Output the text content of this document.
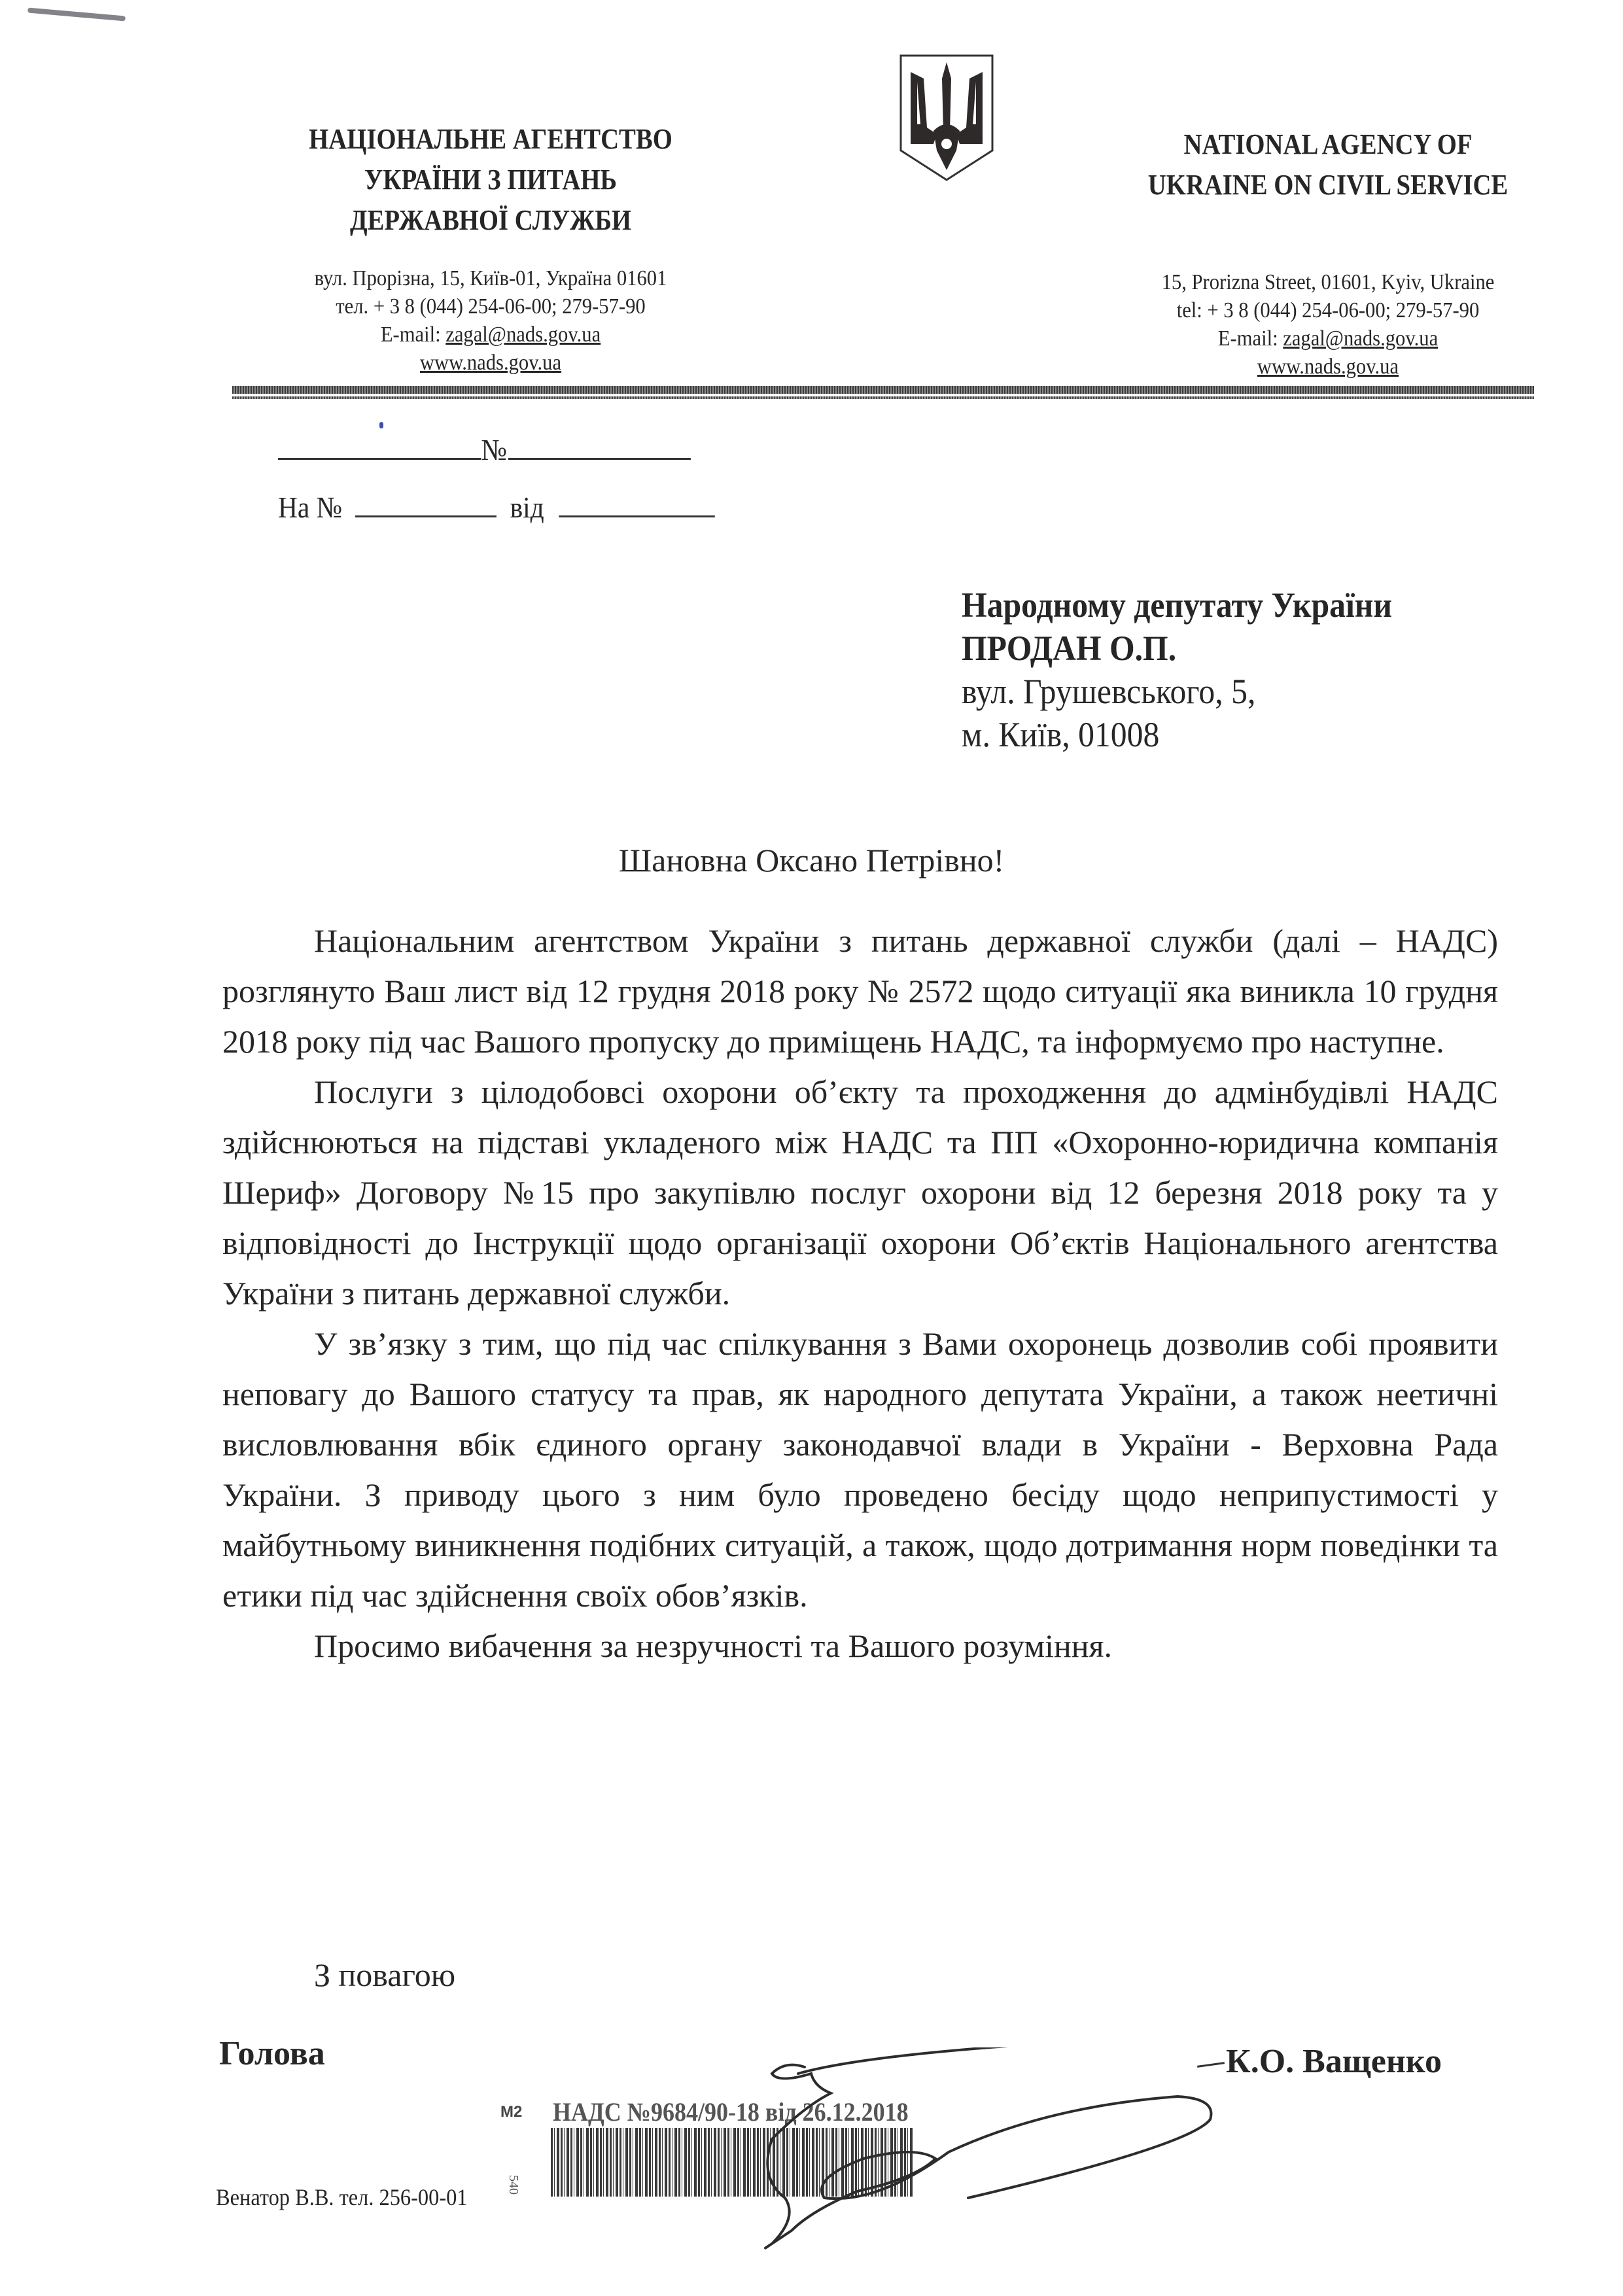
НАЦІОНАЛЬНЕ АГЕНТСТВО
УКРАЇНИ З ПИТАНЬ
ДЕРЖАВНОЇ СЛУЖБИ
вул. Прорізна, 15, Київ-01, Україна 01601
тел. + 3 8 (044) 254-06-00; 279-57-90
E-mail: zagal@nads.gov.ua
www.nads.gov.ua
NATIONAL AGENCY OF
UKRAINE ON CIVIL SERVICE
15, Prorizna Street, 01601, Kyiv, Ukraine
tel: + 3 8 (044) 254-06-00; 279-57-90
E-mail: zagal@nads.gov.ua
www.nads.gov.ua
№
На №	від
Народному депутату України
ПРОДАН О.П.
вул. Грушевського, 5,
м. Київ, 01008
Шановна Оксано Петрівно!

Національним агентством України з питань державної служби (далі – НАДС) розглянуто Ваш лист від 12 грудня 2018 року № 2572 щодо ситуації яка виникла 10 грудня 2018 року під час Вашого пропуску до приміщень НАДС, та інформуємо про наступне.

Послуги з цілодобовсі охорони об’єкту та проходження до адмінбудівлі НАДС здійснюються на підставі укладеного між НАДС та ПП «Охоронно-юридична компанія Шериф» Договору №15 про закупівлю послуг охорони від 12 березня 2018 року та у відповідності до Інструкції щодо організації охорони Об’єктів Національного агентства України з питань державної служби.

У зв’язку з тим, що під час спілкування з Вами охоронець дозволив собі проявити неповагу до Вашого статусу та прав, як народного депутата України, а також неетичні висловлювання вбік єдиного органу законодавчої влади в України - Верховна Рада України. З приводу цього з ним було проведено бесіду щодо неприпустимості у майбутньому виникнення подібних ситуацій, а також, щодо дотримання норм поведінки та етики під час здійснення своїх обов’язків.

Просимо вибачення за незручності та Вашого розуміння.

З повагою
Голова	К.О. Ващенко
M2 НАДС №9684/90-18 від 26.12.2018
540
Венатор В.В. тел. 256-00-01
